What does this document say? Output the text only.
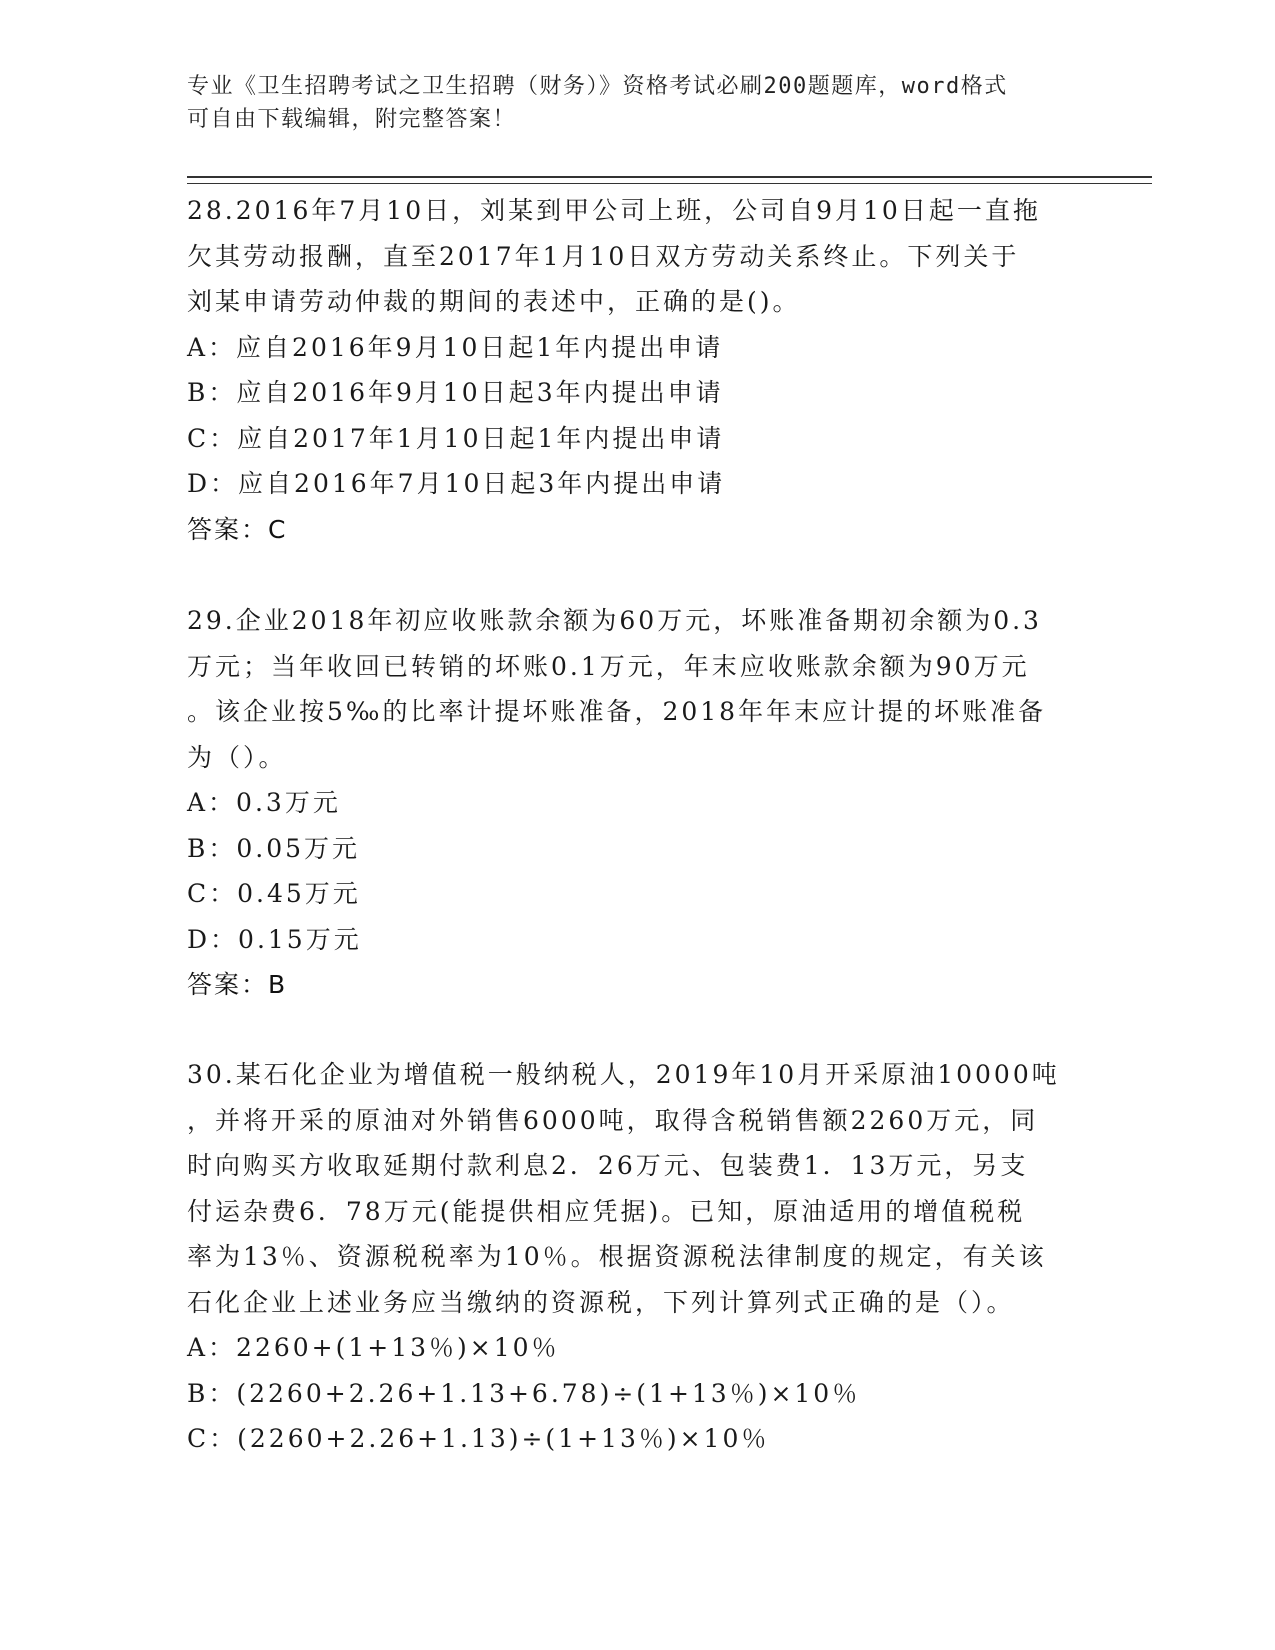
专业《卫生招聘考试之卫生招聘（财务）》资格考试必刷200题题库，word格式
可自由下载编辑，附完整答案！
28.2016年7月10日，刘某到甲公司上班，公司自9月10日起一直拖
欠其劳动报酬，直至2017年1月10日双方劳动关系终止。下列关于
刘某申请劳动仲裁的期间的表述中，正确的是()。
A：应自2016年9月10日起1年内提出申请
B：应自2016年9月10日起3年内提出申请
C：应自2017年1月10日起1年内提出申请
D：应自2016年7月10日起3年内提出申请
答案：C
29.企业2018年初应收账款余额为60万元，坏账准备期初余额为0.3
万元；当年收回已转销的坏账0.1万元，年末应收账款余额为90万元
。该企业按5‰的比率计提坏账准备，2018年年末应计提的坏账准备
为（）。
A：0.3万元
B：0.05万元
C：0.45万元
D：0.15万元
答案：B
30.某石化企业为增值税一般纳税人，2019年10月开采原油10000吨
，并将开采的原油对外销售6000吨，取得含税销售额2260万元，同
时向购买方收取延期付款利息2．26万元、包装费1．13万元，另支
付运杂费6．78万元(能提供相应凭据)。已知，原油适用的增值税税
率为13％、资源税税率为10％。根据资源税法律制度的规定，有关该
石化企业上述业务应当缴纳的资源税，下列计算列式正确的是（）。
A：2260+(1+13％)×10％
B：(2260+2.26+1.13+6.78)÷(1+13％)×10％
C：(2260+2.26+1.13)÷(1+13％)×10％
